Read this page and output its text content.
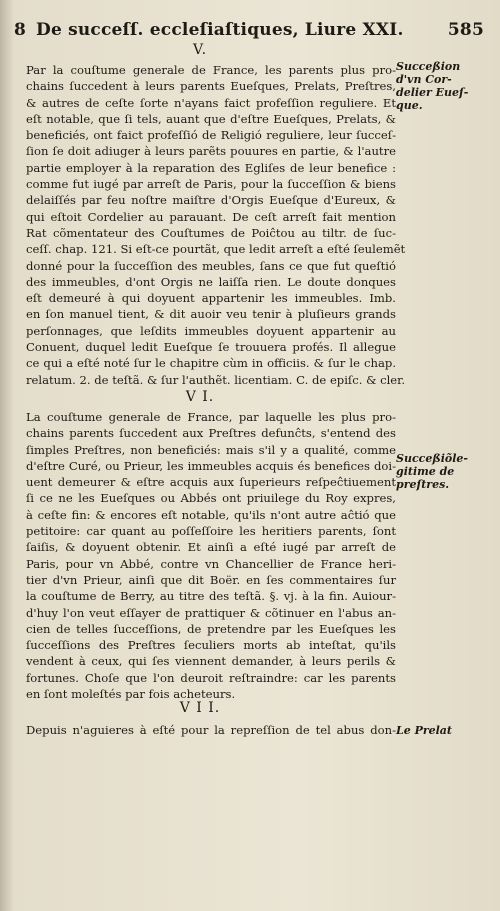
8 De succeſſ. eccleſiaſtiques, Liure XXI.	585
V.
Succeßion
d'vn Cor-
delier Eueſ-
que.
Par la couſtume generale de France, les parents plus pro-
chains ſuccedent à leurs parents Eueſques, Prelats, Preſtres,
& autres de ceſte ſorte n'ayans faict profeſſion reguliere. Et
eſt notable, que ſi tels, auant que d'eſtre Eueſques, Prelats, &
beneficiés, ont faict profeſſió de Religió reguliere, leur ſucceſ-
ſion ſe doit adiuger à leurs parẽts pouures en partie, & l'autre
partie employer à la reparation des Egliſes de leur benefice :
comme fut iugé par arreſt de Paris, pour la ſucceſſion & biens
delaiſſés par feu noſtre maiſtre d'Orgis Eueſque d'Eureux, &
qui eſtoit Cordelier au parauant. De ceſt arreſt fait mention
Rat cõmentateur des Couſtumes de Poiĉtou au tiltr. de ſuc-
ceſſ. chap. 121. Si eſt-ce pourtãt, que ledit arreſt a eſté ſeulemẽt
donné pour la ſucceſſion des meubles, ſans ce que fut queſtió
des immeubles, d'ont Orgis ne laiſſa rien. Le doute donques
eſt demeuré à qui doyuent appartenir les immeubles. Imb.
en ſon manuel tient, & dit auoir veu tenir à pluſieurs grands
perſonnages, que leſdits immeubles doyuent appartenir au
Conuent, duquel ledit Eueſque ſe trouuera profés. Il allegue
ce qui a eſté noté ſur le chapitre cùm in officiis. & ſur le chap.
relatum. 2. de teſtã. & ſur l'authẽt. licentiam. C. de epiſc. & cler.
V I.
Succeßiõle-
gitime de
preſtres.
La couſtume generale de France, par laquelle les plus pro-
chains parents ſuccedent aux Preſtres defunĉts, s'entend des
ſimples Preſtres, non beneficiés: mais s'il y a qualité, comme
d'eſtre Curé, ou Prieur, les immeubles acquis és benefices doi-
uent demeurer & eſtre acquis aux ſuperieurs reſpeĉtiuement
ſi ce ne les Eueſques ou Abbés ont priuilege du Roy expres,
à ceſte fin: & encores eſt notable, qu'ils n'ont autre aĉtió que
petitoire: car quant au poſſeſſoire les heritiers parents, ſont
ſaiſis, & doyuent obtenir. Et ainſi a eſté iugé par arreſt de
Paris, pour vn Abbé, contre vn Chancellier de France heri-
tier d'vn Prieur, ainſi que dit Boër. en ſes commentaires ſur
la couſtume de Berry, au titre des teſtã. §. vj. à la fin. Auiour-
d'huy l'on veut eſſayer de prattiquer & cõtinuer en l'abus an-
cien de telles ſucceſſions, de pretendre par les Eueſques les
ſucceſſions des Preſtres ſeculiers morts ab inteſtat, qu'ils
vendent à ceux, qui ſes viennent demander, à leurs perils &
fortunes. Choſe que l'on deuroit reſtraindre: car les parents
en ſont moleſtés par fois acheteurs.
V I I.
Le Prelat
Depuis n'aguieres à eſté pour la repreſſion de tel abus don-
